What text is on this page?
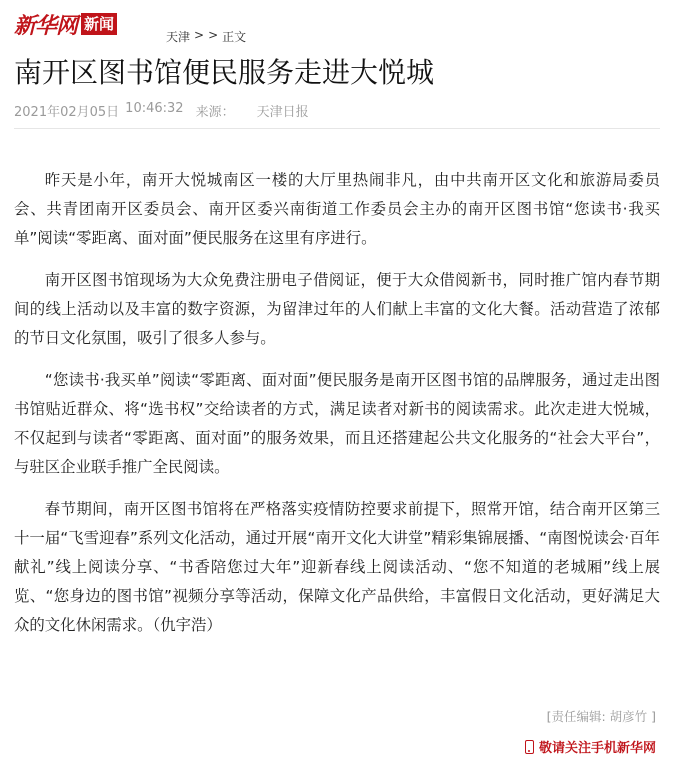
新华网 新闻
天津 > > 正文
南开区图书馆便民服务走进大悦城
2021年02月05日 10:46:32 来源： 天津日报

昨天是小年，南开大悦城南区一楼的大厅里热闹非凡，由中共南开区文化和旅游局委员会、共青团南开区委员会、南开区委兴南街道工作委员会主办的南开区图书馆“您读书·我买单”阅读“零距离、面对面”便民服务在这里有序进行。

南开区图书馆现场为大众免费注册电子借阅证，便于大众借阅新书，同时推广馆内春节期间的线上活动以及丰富的数字资源，为留津过年的人们献上丰富的文化大餐。活动营造了浓郁的节日文化氛围，吸引了很多人参与。

“您读书·我买单”阅读“零距离、面对面”便民服务是南开区图书馆的品牌服务，通过走出图书馆贴近群众、将“选书权”交给读者的方式，满足读者对新书的阅读需求。此次走进大悦城，不仅起到与读者“零距离、面对面”的服务效果，而且还搭建起公共文化服务的“社会大平台”，与驻区企业联手推广全民阅读。

春节期间，南开区图书馆将在严格落实疫情防控要求前提下，照常开馆，结合南开区第三十一届“飞雪迎春”系列文化活动，通过开展“南开文化大讲堂”精彩集锦展播、“南图悦读会·百年献礼”线上阅读分享、“书香陪您过大年”迎新春线上阅读活动、“您不知道的老城厢”线上展览、“您身边的图书馆”视频分享等活动，保障文化产品供给，丰富假日文化活动，更好满足大众的文化休闲需求。（仇宇浩）

[责任编辑: 胡彦竹 ]
敬请关注手机新华网
